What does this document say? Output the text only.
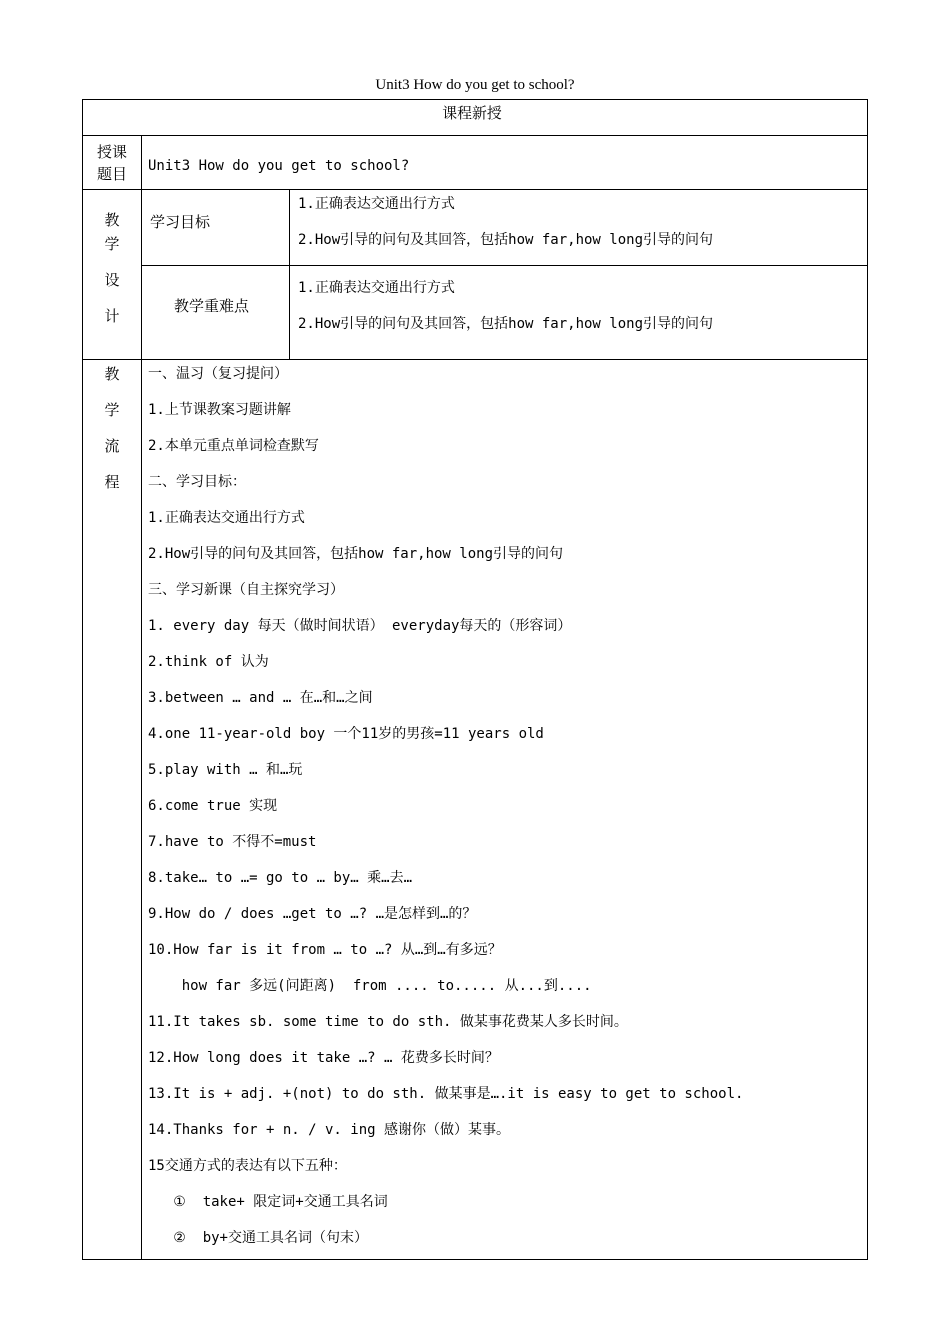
Unit3 How do you get to school?
课程新授
授课
题目	Unit3 How do you get to school?
教
学
设
计
学习目标
1.正确表达交通出行方式
2.How引导的问句及其回答，包括how far,how long引导的问句
教学重难点
1.正确表达交通出行方式
2.How引导的问句及其回答，包括how far,how long引导的问句
教
学
流
程
一、温习（复习提问）
1.上节课教案习题讲解
2.本单元重点单词检查默写
二、学习目标：
1.正确表达交通出行方式
2.How引导的问句及其回答，包括how far,how long引导的问句
三、学习新课（自主探究学习）
1. every day 每天（做时间状语） everyday每天的（形容词）
2.think of 认为
3.between … and … 在…和…之间
4.one 11-year-old boy 一个11岁的男孩=11 years old
5.play with … 和…玩
6.come true 实现
7.have to 不得不=must
8.take… to …= go to … by… 乘…去…
9.How do / does …get to …? …是怎样到…的？
10.How far is it from … to …? 从…到…有多远？
how far 多远(问距离)  from .... to..... 从...到....
11.It takes sb. some time to do sth. 做某事花费某人多长时间。
12.How long does it take …? … 花费多长时间？
13.It is + adj. +(not) to do sth. 做某事是….it is easy to get to school.
14.Thanks for + n. / v. ing 感谢你（做）某事。
15交通方式的表达有以下五种：
①  take+ 限定词+交通工具名词
②  by+交通工具名词（句末）
